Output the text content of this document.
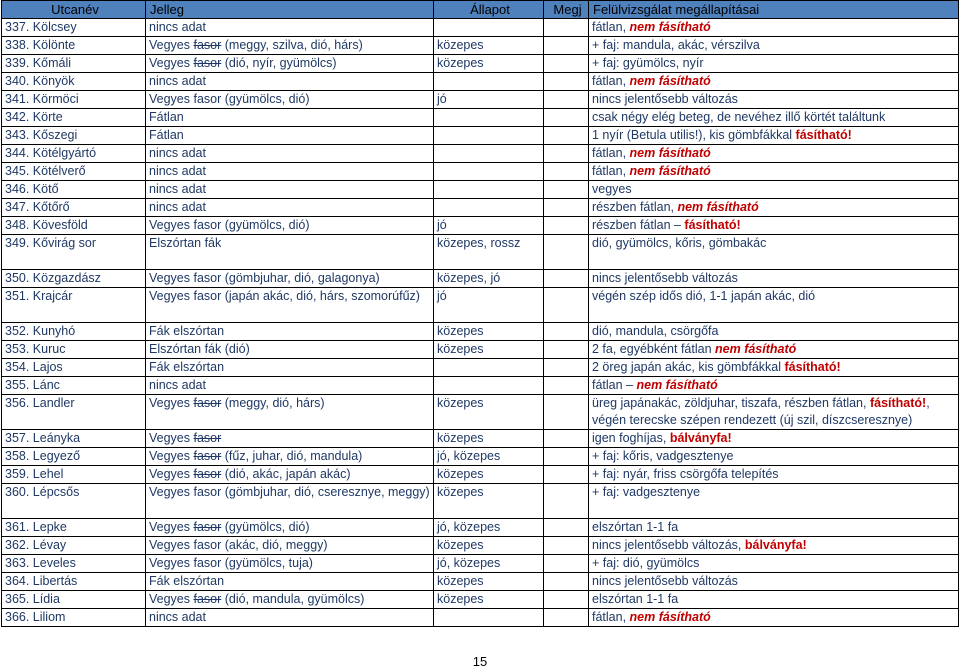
Utcanév	Jelleg	Állapot	Megj	Felülvizsgálat megállapításai
337. Kölcsey	nincs adat			fátlan, nem fásítható
338. Kölönte	Vegyes fasor (meggy, szilva, dió, hárs)	közepes		+ faj: mandula, akác, vérszilva
339. Kőmáli	Vegyes fasor (dió, nyír, gyümölcs)	közepes		+ faj: gyümölcs, nyír
340. Könyök	nincs adat			fátlan, nem fásítható
341. Körmöci	Vegyes fasor (gyümölcs, dió)	jó		nincs jelentősebb változás
342. Körte	Fátlan			csak négy elég beteg, de nevéhez illő körtét találtunk
343. Kőszegi	Fátlan			1 nyír (Betula utilis!), kis gömbfákkal fásítható!
344. Kötélgyártó	nincs adat			fátlan, nem fásítható
345. Kötélverő	nincs adat			fátlan, nem fásítható
346. Kötő	nincs adat			vegyes
347. Kőtőrő	nincs adat			részben fátlan, nem fásítható
348. Kövesföld	Vegyes fasor (gyümölcs, dió)	jó		részben fátlan – fásítható!
349. Kővirág sor	Elszórtan fák	közepes, rossz		dió, gyümölcs, kőris, gömbakác
350. Közgazdász	Vegyes fasor (gömbjuhar, dió, galagonya)	közepes, jó		nincs jelentősebb változás
351. Krajcár	Vegyes fasor (japán akác, dió, hárs, szomorúfűz)	jó		végén szép idős dió, 1-1 japán akác, dió
352. Kunyhó	Fák elszórtan	közepes		dió, mandula, csörgőfa
353. Kuruc	Elszórtan fák (dió)	közepes		2 fa, egyébként fátlan nem fásítható
354. Lajos	Fák elszórtan			2 öreg japán akác, kis gömbfákkal fásítható!
355. Lánc	nincs adat			fátlan – nem fásítható
356. Landler	Vegyes fasor (meggy, dió, hárs)	közepes		üreg japánakác, zöldjuhar, tiszafa, részben fátlan, fásítható!, végén terecske szépen rendezett (új szil, díszcseresznye)
357. Leányka	Vegyes fasor	közepes		igen foghíjas, bálványfa!
358. Legyező	Vegyes fasor (fűz, juhar, dió, mandula)	jó, közepes		+ faj: kőris, vadgesztenye
359. Lehel	Vegyes fasor (dió, akác, japán akác)	közepes		+ faj: nyár, friss csörgőfa telepítés
360. Lépcsős	Vegyes fasor (gömbjuhar, dió, cseresznye, meggy)	közepes		+ faj: vadgesztenye
361. Lepke	Vegyes fasor (gyümölcs, dió)	jó, közepes		elszórtan 1-1 fa
362. Lévay	Vegyes fasor (akác, dió, meggy)	közepes		nincs jelentősebb változás, bálványfa!
363. Leveles	Vegyes fasor (gyümölcs, tuja)	jó, közepes		+ faj: dió, gyümölcs
364. Libertás	Fák elszórtan	közepes		nincs jelentősebb változás
365. Lídia	Vegyes fasor (dió, mandula, gyümölcs)	közepes		elszórtan 1-1 fa
366. Liliom	nincs adat			fátlan, nem fásítható
15
